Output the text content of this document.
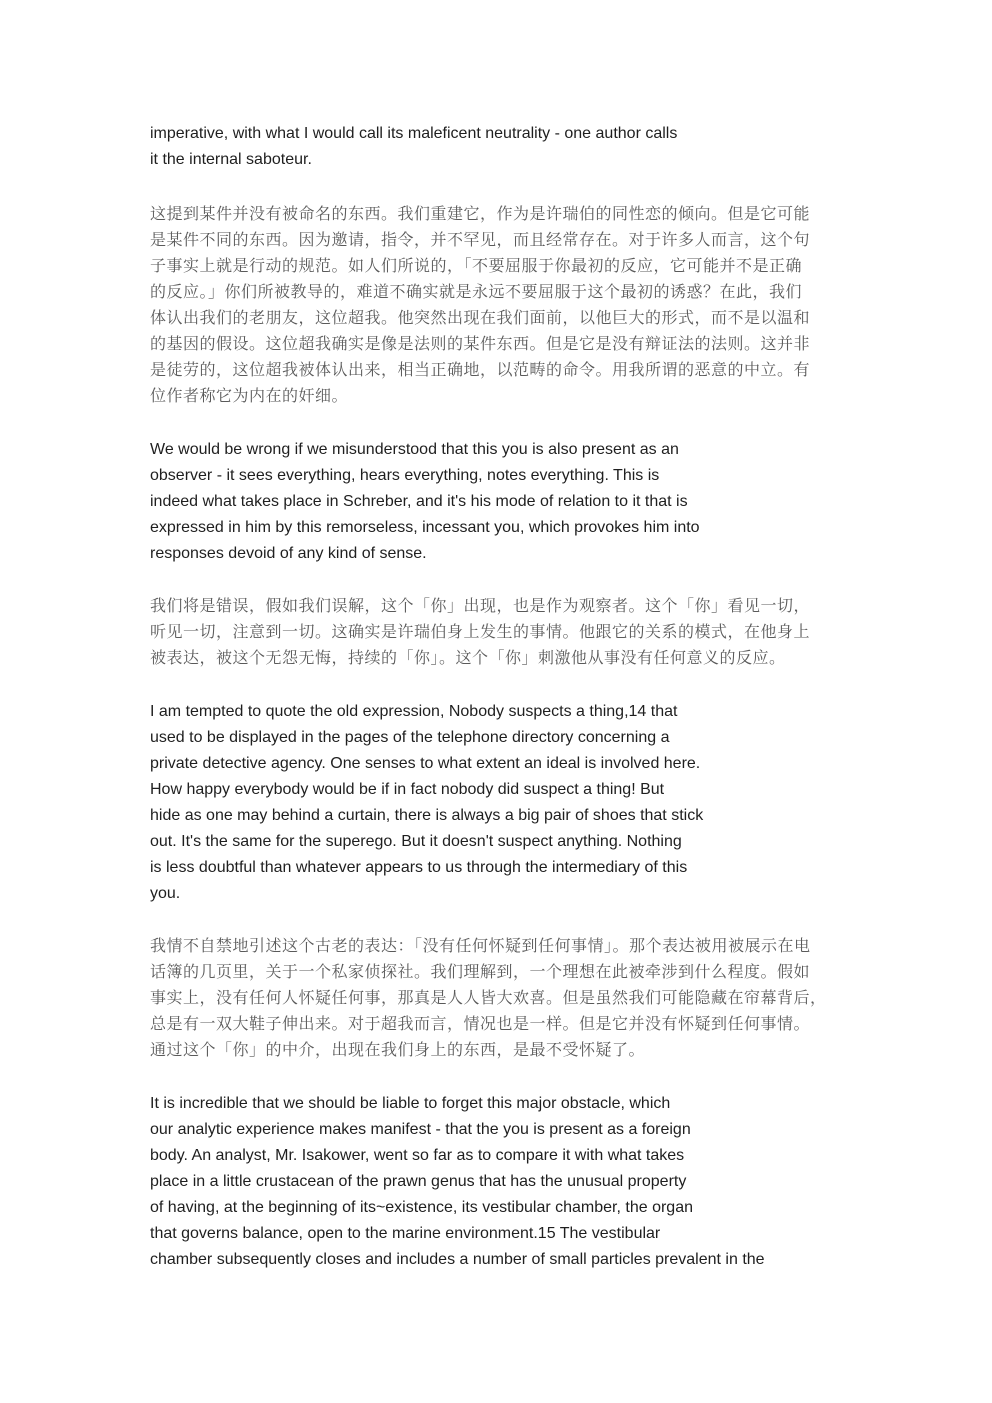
imperative, with what I would call its maleficent neutrality - one author calls
it the internal saboteur.
这提到某件并没有被命名的东西。我们重建它，作为是许瑞伯的同性恋的倾向。但是它可能
是某件不同的东西。因为邀请，指令，并不罕见，而且经常存在。对于许多人而言，这个句
子事实上就是行动的规范。如人们所说的，「不要屈服于你最初的反应，它可能并不是正确
的反应。」你们所被教导的，难道不确实就是永远不要屈服于这个最初的诱惑？在此，我们
体认出我们的老朋友，这位超我。他突然出现在我们面前，以他巨大的形式，而不是以温和
的基因的假设。这位超我确实是像是法则的某件东西。但是它是没有辩证法的法则。这并非
是徒劳的，这位超我被体认出来，相当正确地，以范畴的命令。用我所谓的恶意的中立。有
位作者称它为内在的奸细。
We would be wrong if we misunderstood that this you is also present as an
observer - it sees everything, hears everything, notes everything. This is
indeed what takes place in Schreber, and it's his mode of relation to it that is
expressed in him by this remorseless, incessant you, which provokes him into
responses devoid of any kind of sense.
我们将是错误，假如我们误解，这个「你」出现，也是作为观察者。这个「你」看见一切，
听见一切，注意到一切。这确实是许瑞伯身上发生的事情。他跟它的关系的模式，在他身上
被表达，被这个无怨无悔，持续的「你」。这个「你」刺激他从事没有任何意义的反应。
I am tempted to quote the old expression, Nobody suspects a thing,14 that
used to be displayed in the pages of the telephone directory concerning a
private detective agency. One senses to what extent an ideal is involved here.
How happy everybody would be if in fact nobody did suspect a thing! But
hide as one may behind a curtain, there is always a big pair of shoes that stick
out. It's the same for the superego. But it doesn't suspect anything. Nothing
is less doubtful than whatever appears to us through the intermediary of this
you.
我情不自禁地引述这个古老的表达：「没有任何怀疑到任何事情」。那个表达被用被展示在电
话簿的几页里，关于一个私家侦探社。我们理解到，一个理想在此被牵涉到什么程度。假如
事实上，没有任何人怀疑任何事，那真是人人皆大欢喜。但是虽然我们可能隐藏在帘幕背后，
总是有一双大鞋子伸出来。对于超我而言，情况也是一样。但是它并没有怀疑到任何事情。
通过这个「你」的中介，出现在我们身上的东西，是最不受怀疑了。
It is incredible that we should be liable to forget this major obstacle, which
our analytic experience makes manifest - that the you is present as a foreign
body. An analyst, Mr. Isakower, went so far as to compare it with what takes
place in a little crustacean of the prawn genus that has the unusual property
of having, at the beginning of its~existence, its vestibular chamber, the organ
that governs balance, open to the marine environment.15 The vestibular
chamber subsequently closes and includes a number of small particles prevalent in the
